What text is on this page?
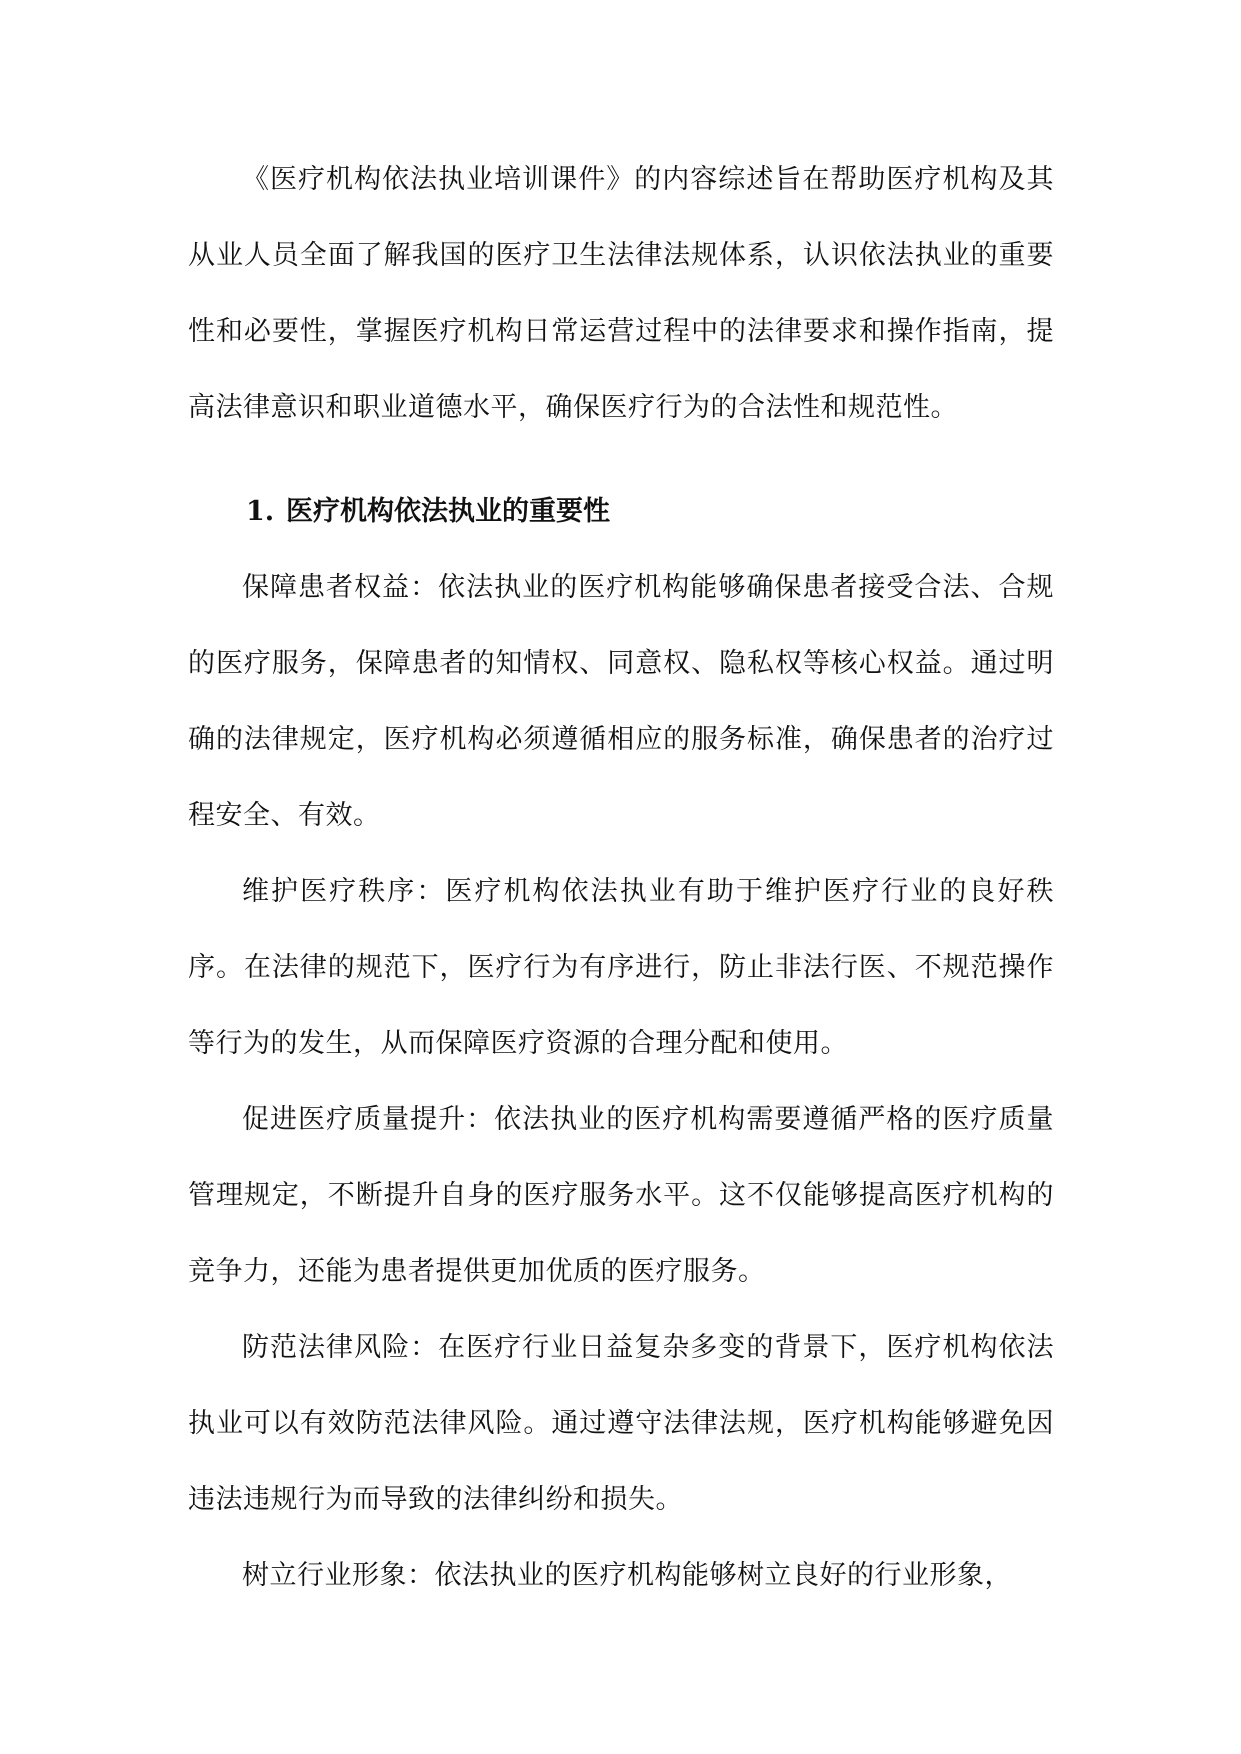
《医疗机构依法执业培训课件》的内容综述旨在帮助医疗机构及其从业人员全面了解我国的医疗卫生法律法规体系，认识依法执业的重要性和必要性，掌握医疗机构日常运营过程中的法律要求和操作指南，提高法律意识和职业道德水平，确保医疗行为的合法性和规范性。

1. 医疗机构依法执业的重要性

保障患者权益：依法执业的医疗机构能够确保患者接受合法、合规的医疗服务，保障患者的知情权、同意权、隐私权等核心权益。通过明确的法律规定，医疗机构必须遵循相应的服务标准，确保患者的治疗过程安全、有效。

维护医疗秩序：医疗机构依法执业有助于维护医疗行业的良好秩序。在法律的规范下，医疗行为有序进行，防止非法行医、不规范操作等行为的发生，从而保障医疗资源的合理分配和使用。

促进医疗质量提升：依法执业的医疗机构需要遵循严格的医疗质量管理规定，不断提升自身的医疗服务水平。这不仅能够提高医疗机构的竞争力，还能为患者提供更加优质的医疗服务。

防范法律风险：在医疗行业日益复杂多变的背景下，医疗机构依法执业可以有效防范法律风险。通过遵守法律法规，医疗机构能够避免因违法违规行为而导致的法律纠纷和损失。

树立行业形象：依法执业的医疗机构能够树立良好的行业形象，
